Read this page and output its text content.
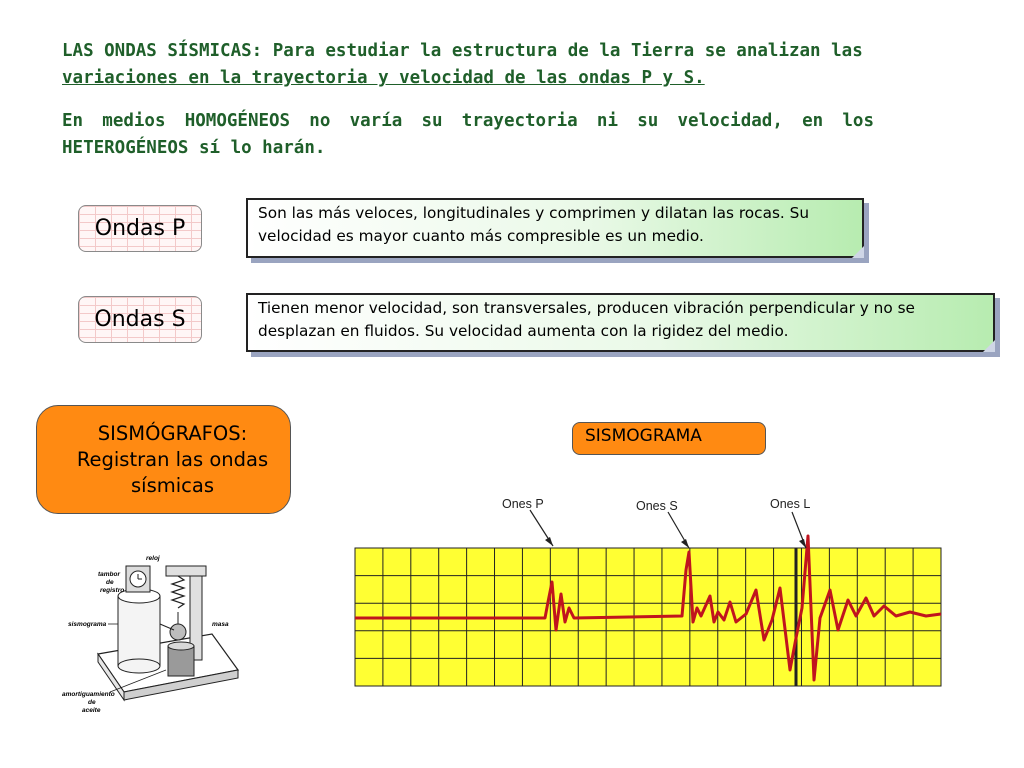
LAS ONDAS SÍSMICAS: Para estudiar la estructura de la Tierra se analizan las
variaciones en la trayectoria y velocidad de las ondas P y S.
En medios HOMOGÉNEOS no varía su trayectoria ni su velocidad, en los HETEROGÉNEOS sí lo harán.
Ondas P
Son las más veloces, longitudinales y comprimen y dilatan las rocas. Su velocidad es mayor cuanto más compresible es un medio.
Ondas S	Tienen menor velocidad, son transversales, producen vibración perpendicular y no se desplazan en fluidos. Su velocidad aumenta con la rigidez del medio.
SISMÓGRAFOS:
Registran las ondas
sísmicas
SISMOGRAMA
reloj
tambor
de
registro
sismograma	masa
amortiguamiento
de
aceite
Ones P	Ones S	Ones L
